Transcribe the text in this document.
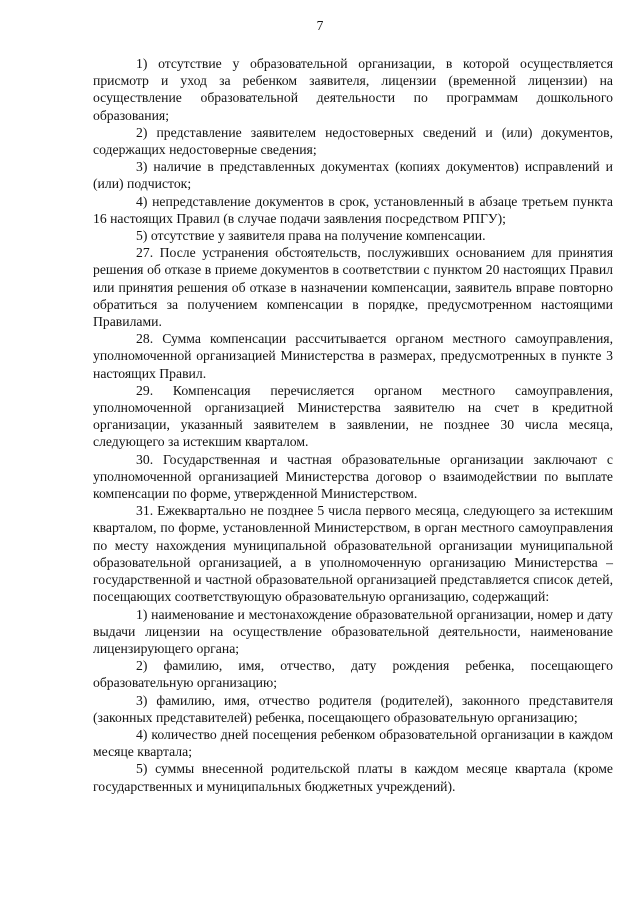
7

1) отсутствие у образовательной организации, в которой осуществляется присмотр и уход за ребенком заявителя, лицензии (временной лицензии) на осуществление образовательной деятельности по программам дошкольного образования;

2) представление заявителем недостоверных сведений и (или) документов, содержащих недостоверные сведения;

3) наличие в представленных документах (копиях документов) исправлений и (или) подчисток;

4) непредставление документов в срок, установленный в абзаце третьем пункта 16 настоящих Правил (в случае подачи заявления посредством РПГУ);

5) отсутствие у заявителя права на получение компенсации.

27. После устранения обстоятельств, послуживших основанием для принятия решения об отказе в приеме документов в соответствии с пунктом 20 настоящих Правил или принятия решения об отказе в назначении компенсации, заявитель вправе повторно обратиться за получением компенсации в порядке, предусмотренном настоящими Правилами.

28. Сумма компенсации рассчитывается органом местного самоуправления, уполномоченной организацией Министерства в размерах, предусмотренных в пункте 3 настоящих Правил.

29. Компенсация перечисляется органом местного самоуправления, уполномоченной организацией Министерства заявителю на счет в кредитной организации, указанный заявителем в заявлении, не позднее 30 числа месяца, следующего за истекшим кварталом.

30. Государственная и частная образовательные организации заключают с уполномоченной организацией Министерства договор о взаимодействии по выплате компенсации по форме, утвержденной Министерством.

31. Ежеквартально не позднее 5 числа первого месяца, следующего за истекшим кварталом, по форме, установленной Министерством, в орган местного самоуправления по месту нахождения муниципальной образовательной организации муниципальной образовательной организацией, а в уполномоченную организацию Министерства – государственной и частной образовательной организацией представляется список детей, посещающих соответствующую образовательную организацию, содержащий:

1) наименование и местонахождение образовательной организации, номер и дату выдачи лицензии на осуществление образовательной деятельности, наименование лицензирующего органа;

2) фамилию, имя, отчество, дату рождения ребенка, посещающего образовательную организацию;

3) фамилию, имя, отчество родителя (родителей), законного представителя (законных представителей) ребенка, посещающего образовательную организацию;

4) количество дней посещения ребенком образовательной организации в каждом месяце квартала;

5) суммы внесенной родительской платы в каждом месяце квартала (кроме государственных и муниципальных бюджетных учреждений).
